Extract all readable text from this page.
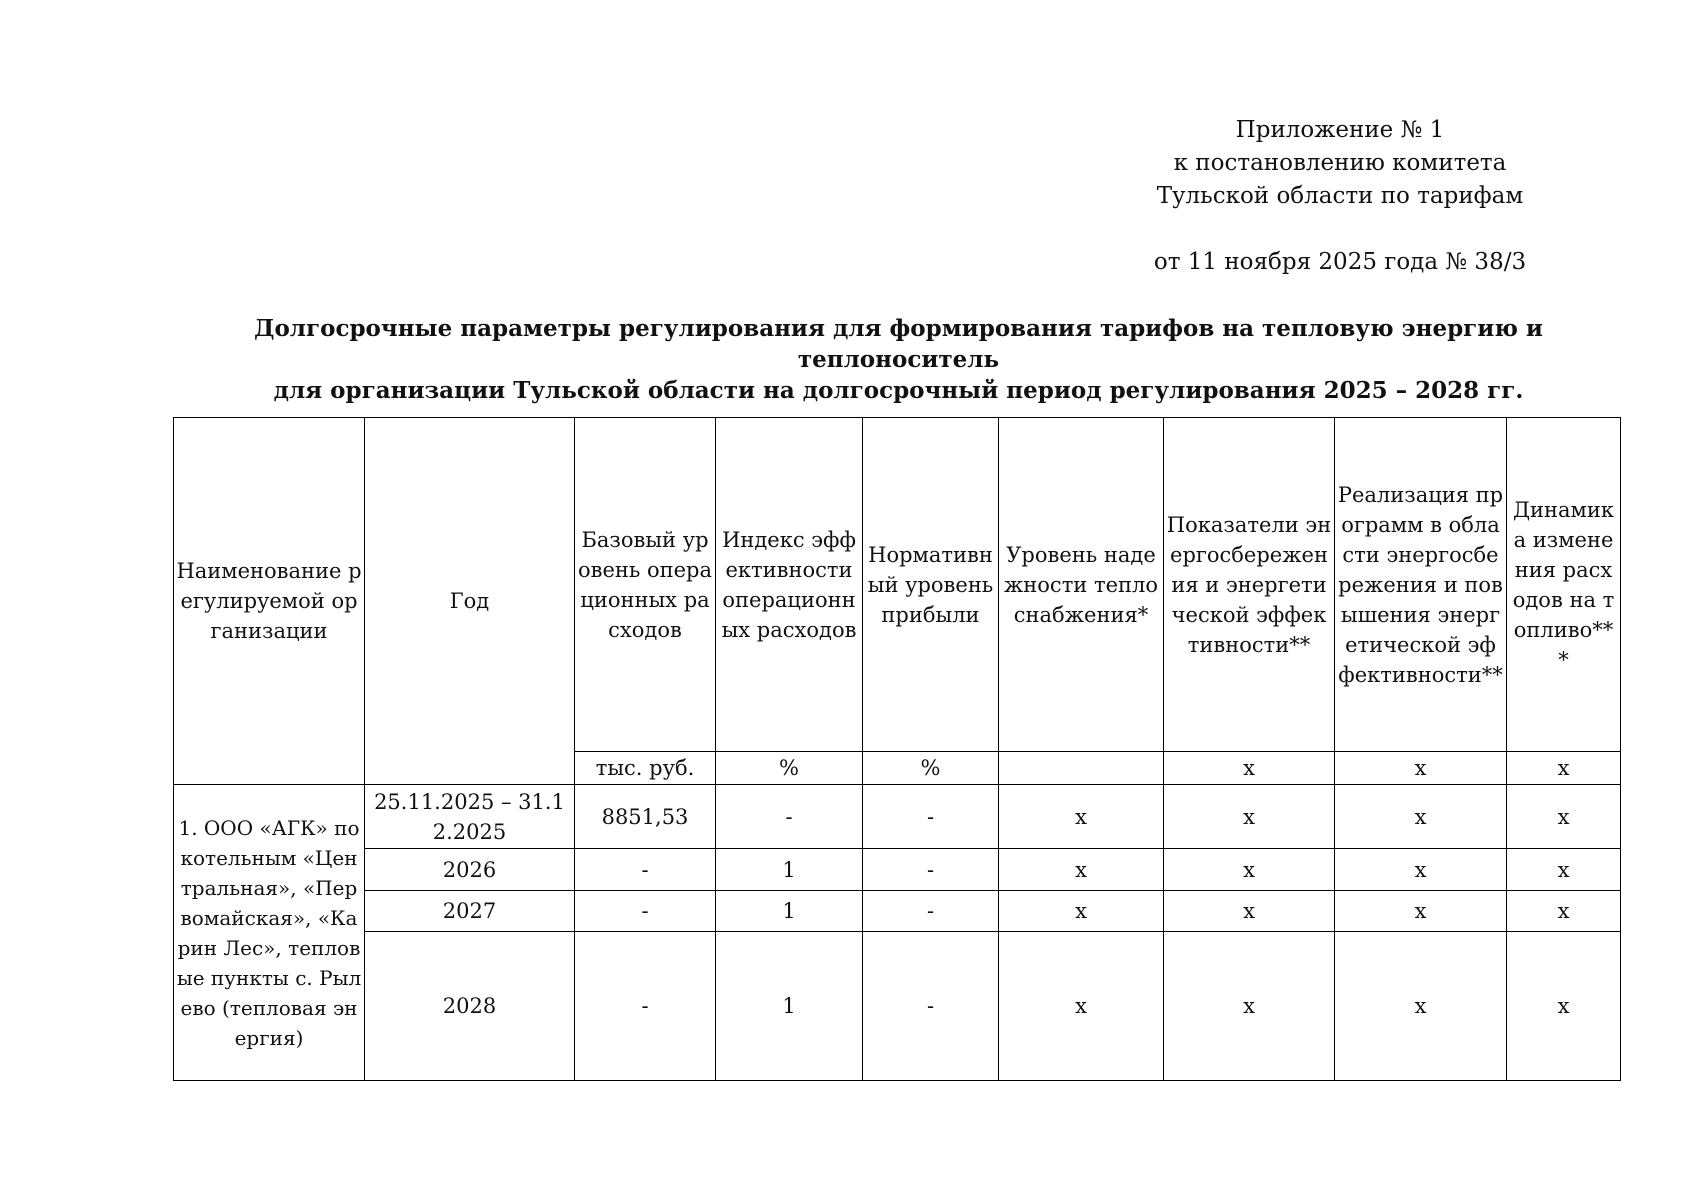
Приложение № 1
к постановлению комитета
Тульской области по тарифам
от 11 ноября 2025 года № 38/3
Долгосрочные параметры регулирования для формирования тарифов на тепловую энергию и теплоноситель
для организации Тульской области на долгосрочный период регулирования 2025 – 2028 гг.
Наименование регулируемой организации	Год	Базовый уровень операционных расходов	Индекс эффективности операционных расходов	Нормативный уровень прибыли	Уровень надежности теплоснабжения*	Показатели энергосбережения и энергетической эффективности**	Реализация программ в области энергосбережения и повышения энергетической эффективности**	Динамика изменения расходов на топливо***
		тыс. руб.	%	%		х	х	х
1. ООО «АГК» по котельным «Центральная», «Первомайская», «Карин Лес», тепловые пункты с. Рылево (тепловая энергия)	25.11.2025 – 31.12.2025	8851,53	-	-	х	х	х	х
	2026	-	1	-	х	х	х	х
	2027	-	1	-	х	х	х	х
	2028	-	1	-	х	х	х	х
